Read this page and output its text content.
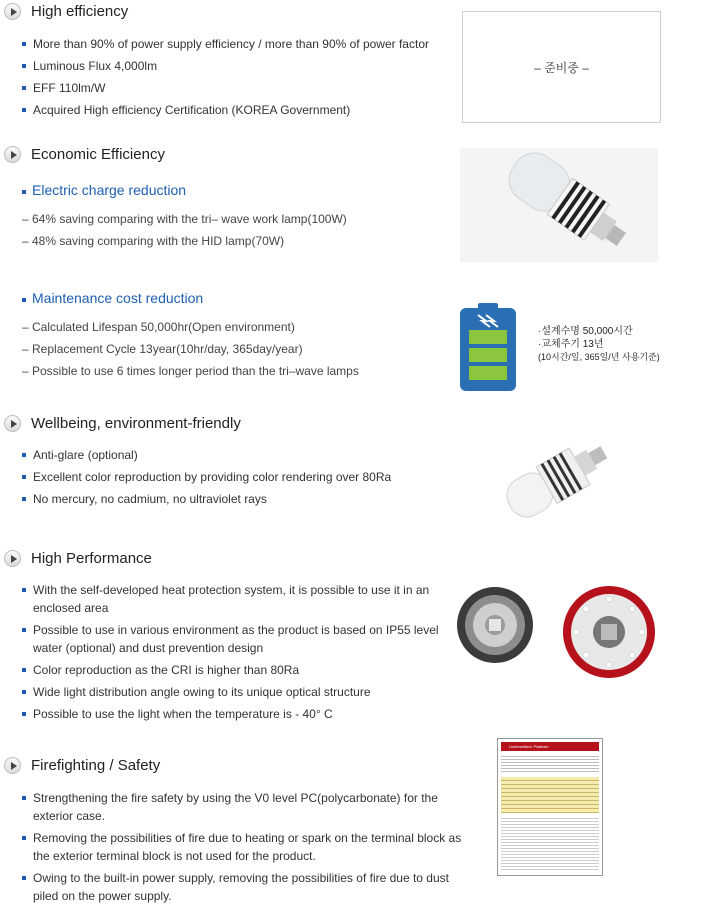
High efficiency
More than 90% of power supply efficiency / more than 90% of power factor
Luminous Flux 4,000lm
EFF 110lm/W
Acquired High efficiency Certification (KOREA Government)
– 준비중 –
Economic Efficiency
Electric charge reduction
– 64% saving comparing with the tri– wave work lamp(100W)
– 48% saving comparing with the HID lamp(70W)
Maintenance cost reduction
– Calculated Lifespan 50,000hr(Open environment)
– Replacement Cycle 13year(10hr/day, 365day/year)
– Possible to use 6 times longer period than the tri–wave lamps
·설계수명 50,000시간
·교체주기 13년
(10시간/일, 365일/년 사용기준)
Wellbeing, environment-friendly
Anti-glare (optional)
Excellent color reproduction by providing color rendering over 80Ra
No mercury, no cadmium, no ultraviolet rays
High Performance
With the self-developed heat protection system, it is possible to use it in an enclosed area
Possible to use in various environment as the product is based on IP55 level water (optional) and dust prevention design
Color reproduction as the CRI is higher than 80Ra
Wide light distribution angle owing to its unique optical structure
Possible to use the light when the temperature is - 40° C
Firefighting / Safety
Strengthening the fire safety by using the V0 level PC(polycarbonate) for the exterior case.
Removing the possibilities of fire due to heating or spark on the terminal block as the exterior terminal block is not used for the product.
Owing to the built-in power supply, removing the possibilities of fire due to dust piled on the power supply.
Underwriters' Platform
